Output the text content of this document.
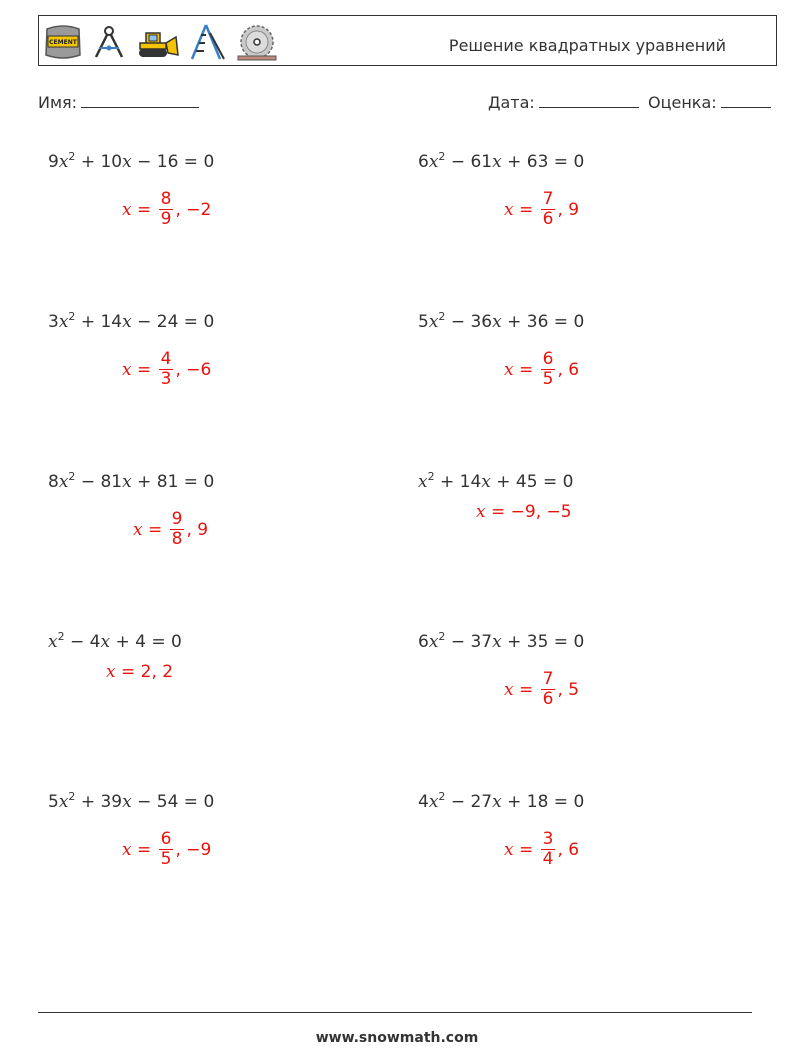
CEMENT	Решение квадратных уравнений
Имя:	Дата:	Оценка:
$9x^2 + 10x - 16 = 0$
$x = \frac{8}{9}$ , −2
$6x^2 - 61x + 63 = 0$
$x = \frac{7}{6}$ , 9
$3x^2 + 14x - 24 = 0$
$x = \frac{4}{3}$ , −6
$5x^2 - 36x + 36 = 0$
$x = \frac{6}{5}$ , 6
$8x^2 - 81x + 81 = 0$
$x = \frac{9}{8}$ , 9
$x^2 + 14x + 45 = 0$
x = −9, −5
$x^2 - 4x + 4 = 0$
x = 2, 2
$6x^2 - 37x + 35 = 0$
$x = \frac{7}{6}$ , 5
$5x^2 + 39x - 54 = 0$
$x = \frac{6}{5}$ , −9
$4x^2 - 27x + 18 = 0$
$x = \frac{3}{4}$ , 6
www.snowmath.com
